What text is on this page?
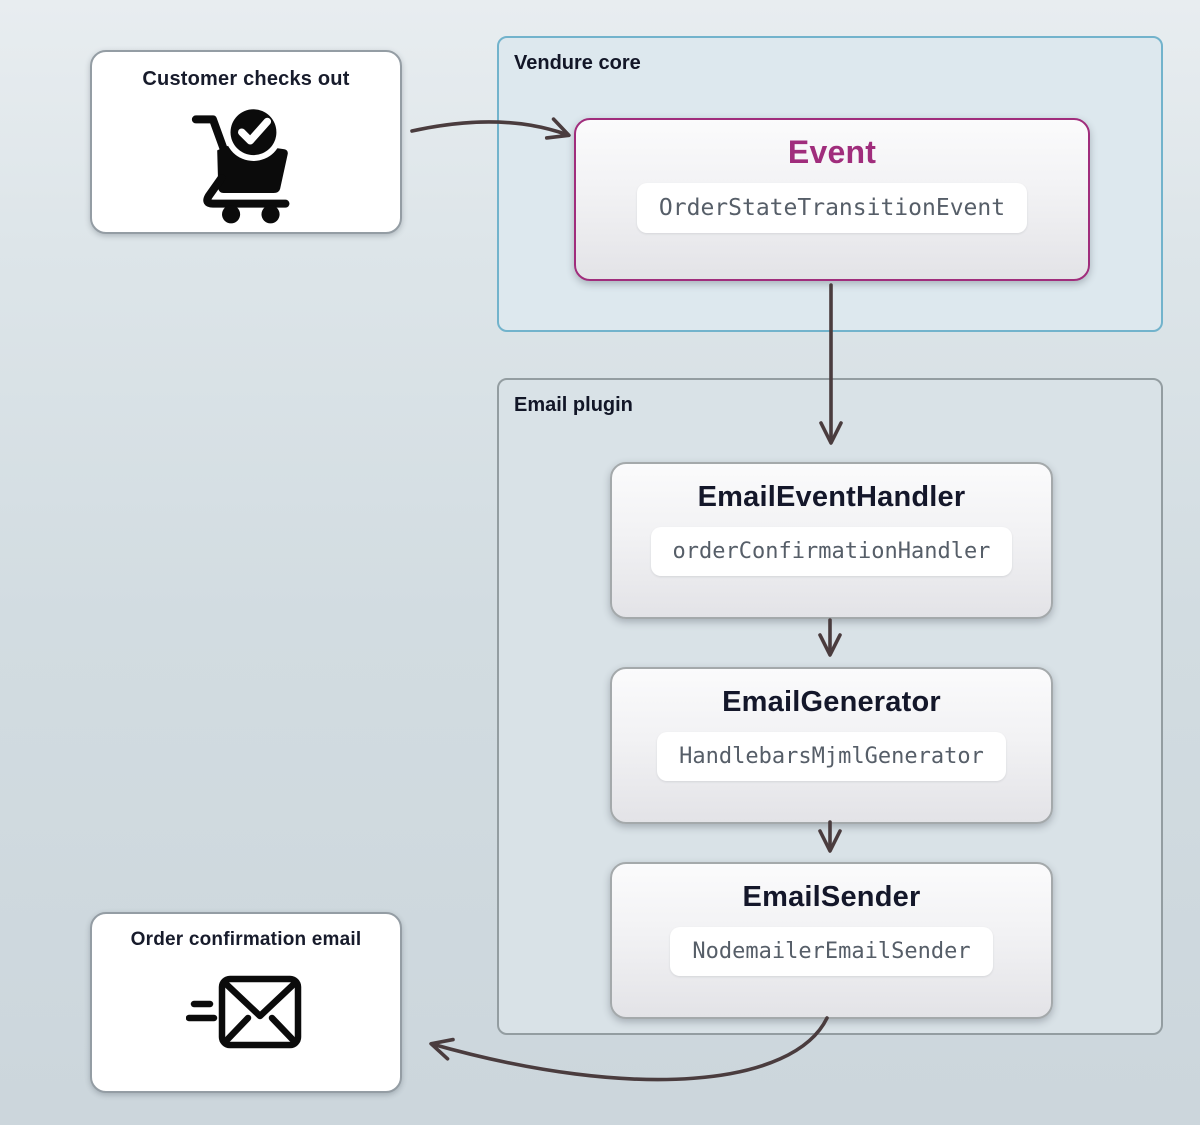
Customer checks out
Vendure core
Event
OrderStateTransitionEvent
Email plugin
EmailEventHandler
orderConfirmationHandler
EmailGenerator
HandlebarsMjmlGenerator
EmailSender
NodemailerEmailSender
Order confirmation email
